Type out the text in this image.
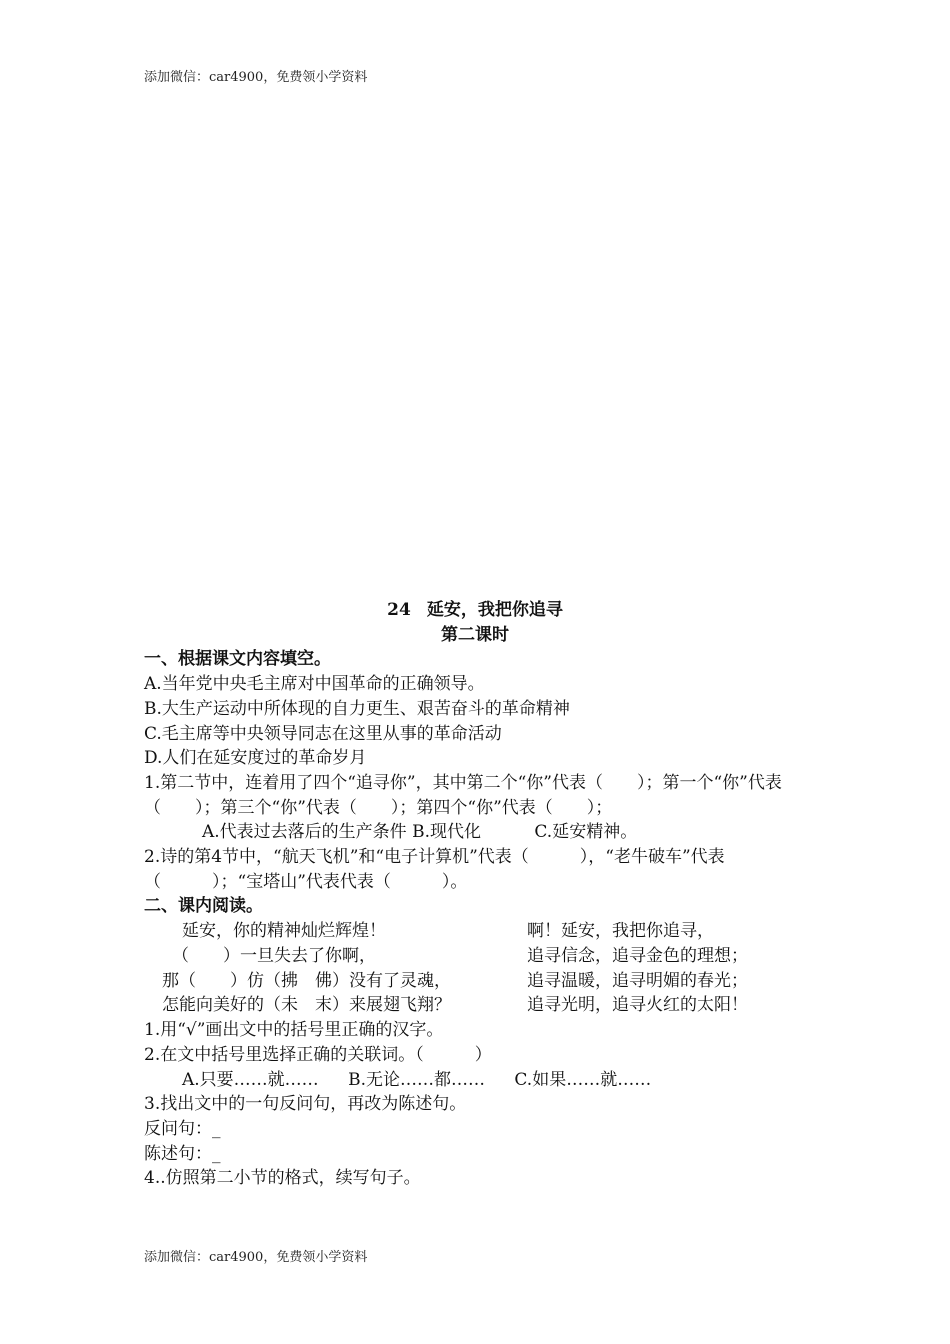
添加微信：car4900，免费领小学资料
24 延安，我把你追寻
第二课时
一、根据课文内容填空。
A.当年党中央毛主席对中国革命的正确领导。
B.大生产运动中所体现的自力更生、艰苦奋斗的革命精神
C.毛主席等中央领导同志在这里从事的革命活动
D.人们在延安度过的革命岁月
1.第二节中，连着用了四个“追寻你”，其中第二个“你”代表（　　）；第一个“你”代表（　　）；第三个“你”代表（　　）；第四个“你”代表（　　）；
A.代表过去落后的生产条件 B.现代化	C.延安精神。
2.诗的第4节中，“航天飞机”和“电子计算机”代表（　　　），“老牛破车”代表（　　　）；“宝塔山”代表代表（　　　）。
二、课内阅读。
延安，你的精神灿烂辉煌！
（　　）一旦失去了你啊，
那（　　）仿（拂　佛）没有了灵魂，
怎能向美好的（未　末）来展翅飞翔？
啊！延安，我把你追寻，
追寻信念，追寻金色的理想；
追寻温暖，追寻明媚的春光；
追寻光明，追寻火红的太阳！
1.用“√”画出文中的括号里正确的汉字。
2.在文中括号里选择正确的关联词。（　　　）
A.只要……就…… B.无论……都…… C.如果……就……
3.找出文中的一句反问句，再改为陈述句。
反问句：_
陈述句：_
4..仿照第二小节的格式，续写句子。
添加微信：car4900，免费领小学资料
